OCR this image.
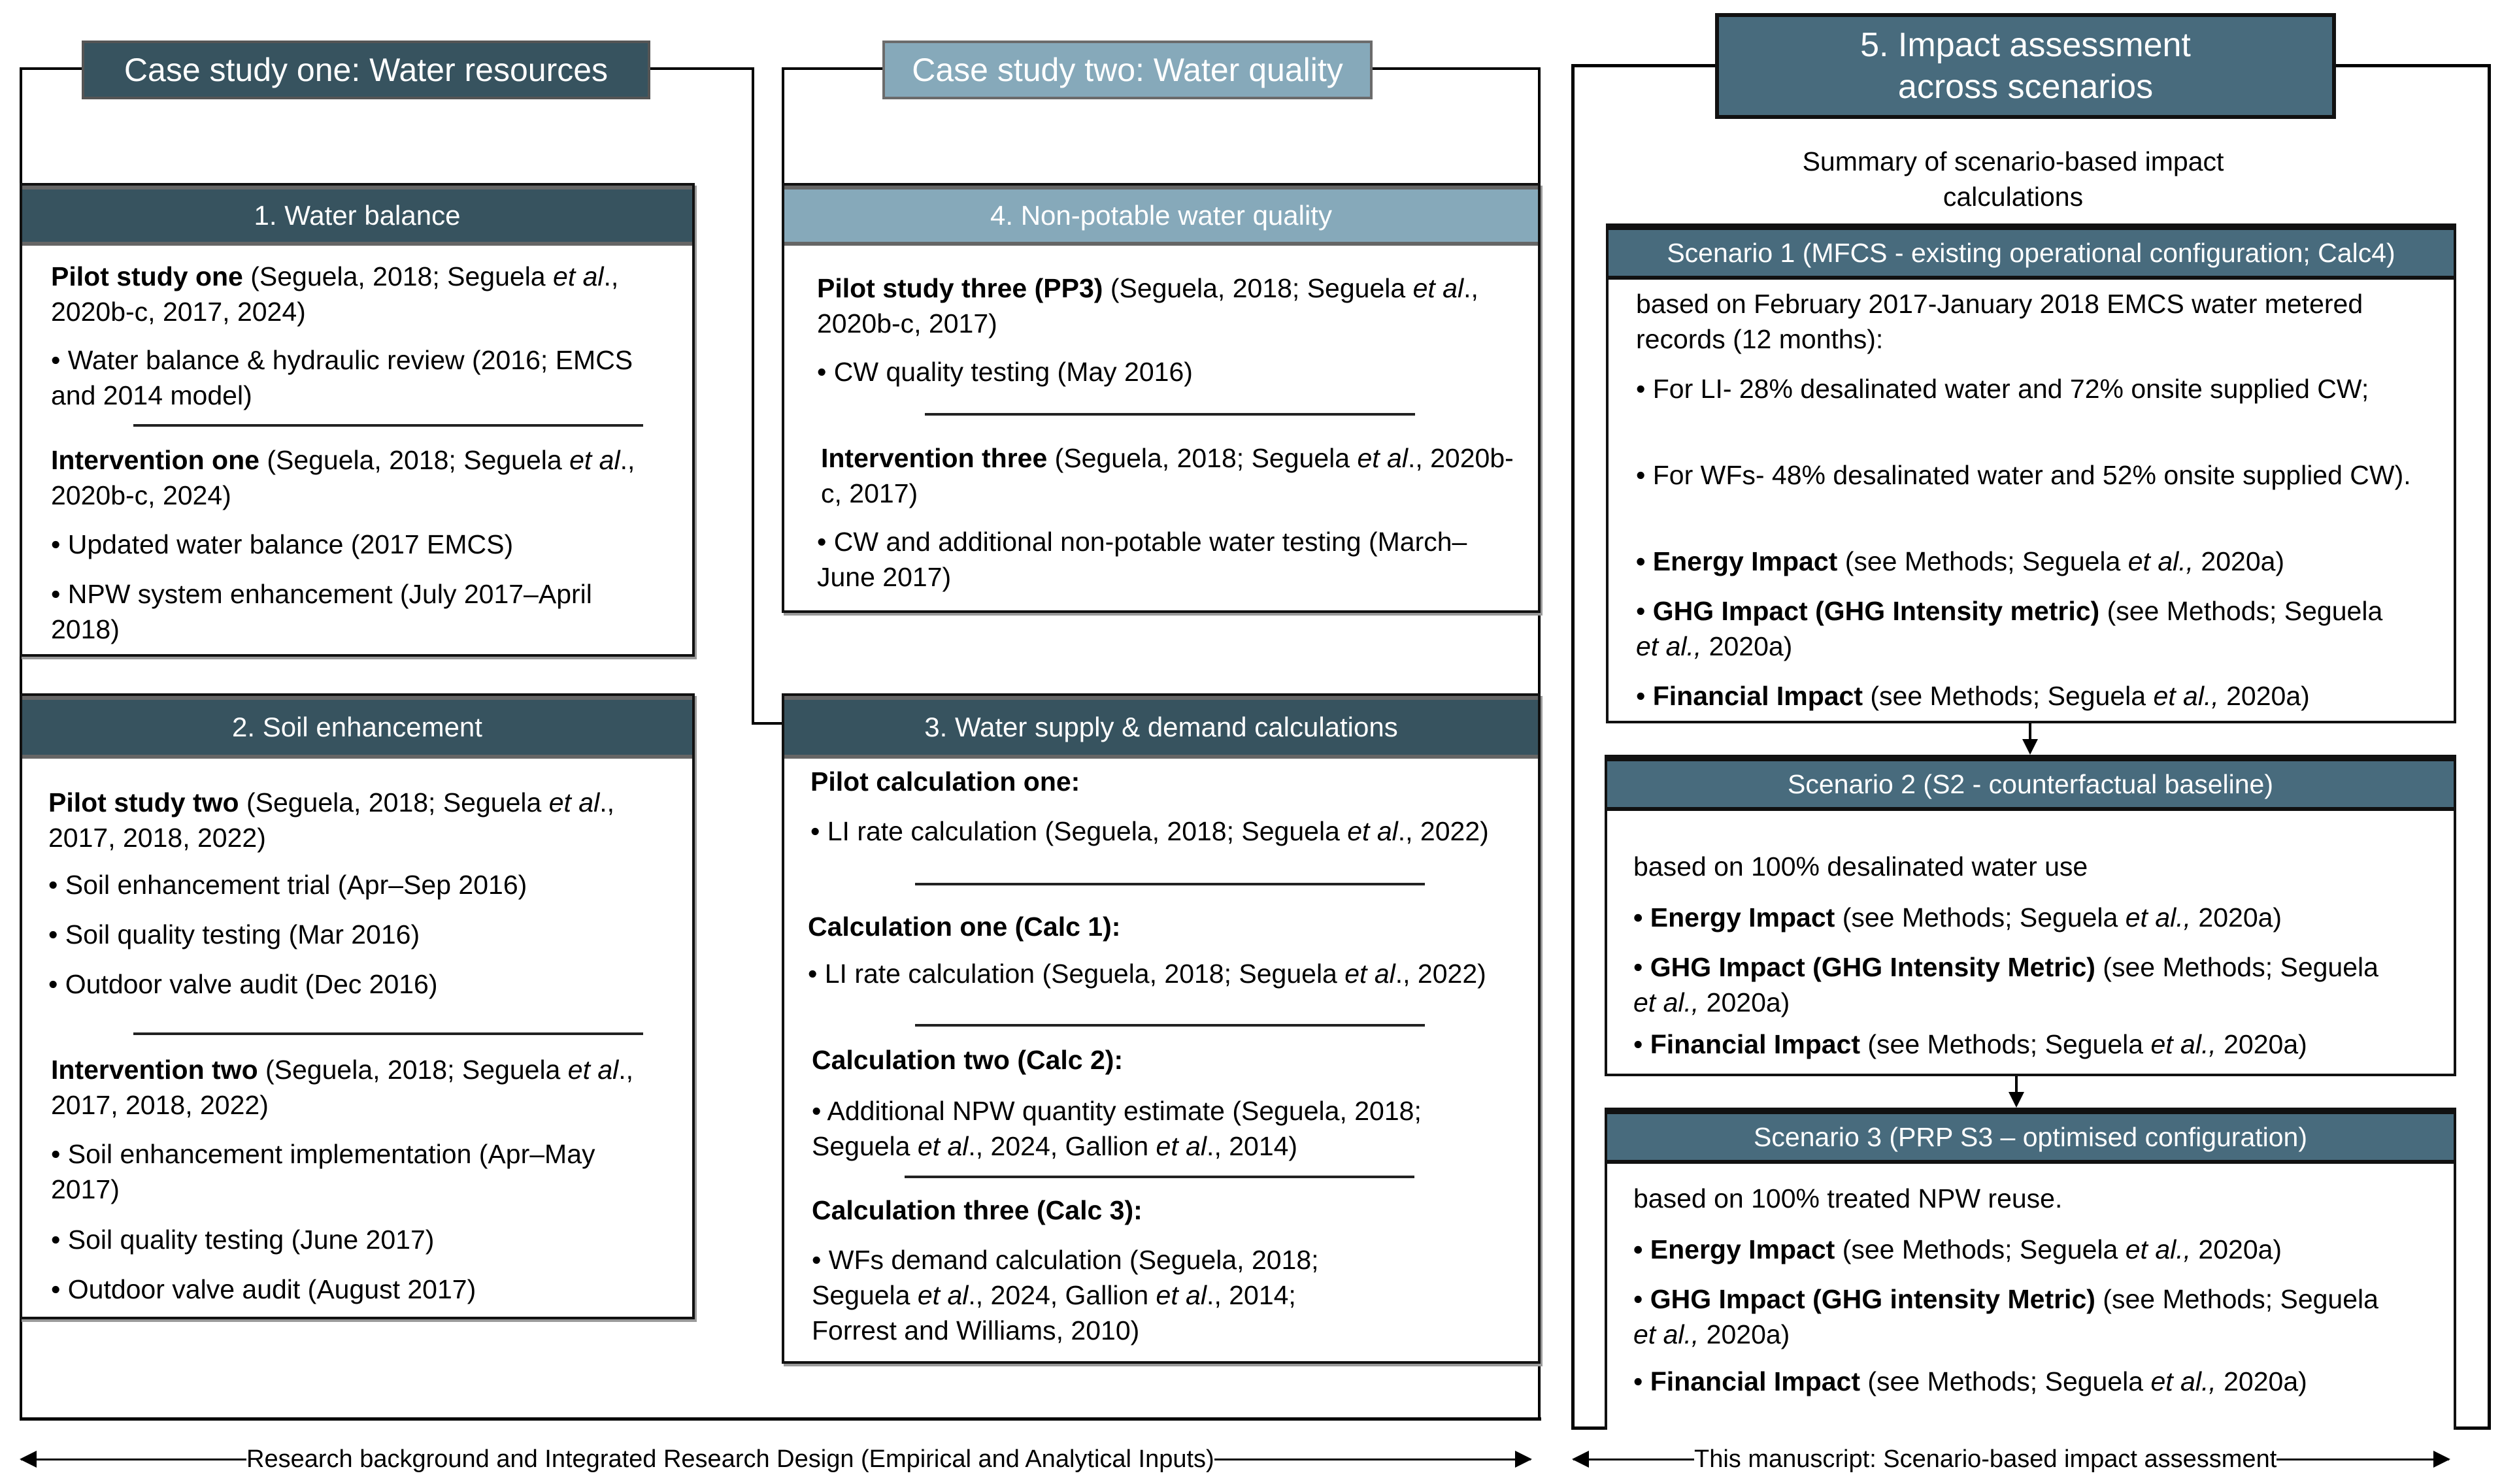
Case study one: Water resources	Case study two: Water quality
1. Water balance
Pilot study one (Seguela, 2018; Seguela et al., 2020b-c, 2017, 2024)
• Water balance & hydraulic review (2016; EMCS and 2014 model)
Intervention one (Seguela, 2018; Seguela et al., 2020b-c, 2024)
• Updated water balance (2017 EMCS)
• NPW system enhancement (July 2017–April 2018)
2. Soil enhancement
Pilot study two (Seguela, 2018; Seguela et al., 2017, 2018, 2022)
• Soil enhancement trial (Apr–Sep 2016)
• Soil quality testing (Mar 2016)
• Outdoor valve audit (Dec 2016)
Intervention two (Seguela, 2018; Seguela et al., 2017, 2018, 2022)
• Soil enhancement implementation (Apr–May 2017)
• Soil quality testing (June 2017)
• Outdoor valve audit (August 2017)
4. Non-potable water quality
Pilot study three (PP3) (Seguela, 2018; Seguela et al., 2020b-c, 2017)
• CW quality testing (May 2016)
Intervention three (Seguela, 2018; Seguela et al., 2020b-c, 2017)
• CW and additional non-potable water testing (March–June 2017)
3. Water supply & demand calculations
Pilot calculation one:
• LI rate calculation (Seguela, 2018; Seguela et al., 2022)
Calculation one (Calc 1):
• LI rate calculation (Seguela, 2018; Seguela et al., 2022)
Calculation two (Calc 2):
• Additional NPW quantity estimate (Seguela, 2018; Seguela et al., 2024, Gallion et al., 2014)
Calculation three (Calc 3):
• WFs demand calculation (Seguela, 2018; Seguela et al., 2024, Gallion et al., 2014; Forrest and Williams, 2010)
5. Impact assessment
across scenarios
Summary of scenario-based impact
calculations
Scenario 1 (MFCS - existing operational configuration; Calc4)
based on February 2017-January 2018 EMCS water metered records (12 months):
• For LI- 28% desalinated water and 72% onsite supplied CW;
• For WFs- 48% desalinated water and 52% onsite supplied CW).
• Energy Impact (see Methods; Seguela et al., 2020a)
• GHG Impact (GHG Intensity metric) (see Methods; Seguela et al., 2020a)
• Financial Impact (see Methods; Seguela et al., 2020a)
Scenario 2 (S2 - counterfactual baseline)
based on 100% desalinated water use
• Energy Impact (see Methods; Seguela et al., 2020a)
• GHG Impact (GHG Intensity Metric) (see Methods; Seguela et al., 2020a)
• Financial Impact (see Methods; Seguela et al., 2020a)
Scenario 3 (PRP S3 – optimised configuration)
based on 100% treated NPW reuse.
• Energy Impact (see Methods; Seguela et al., 2020a)
• GHG Impact (GHG intensity Metric) (see Methods; Seguela et al., 2020a)
• Financial Impact (see Methods; Seguela et al., 2020a)
Research background and Integrated Research Design (Empirical and Analytical Inputs)	This manuscript: Scenario-based impact assessment
